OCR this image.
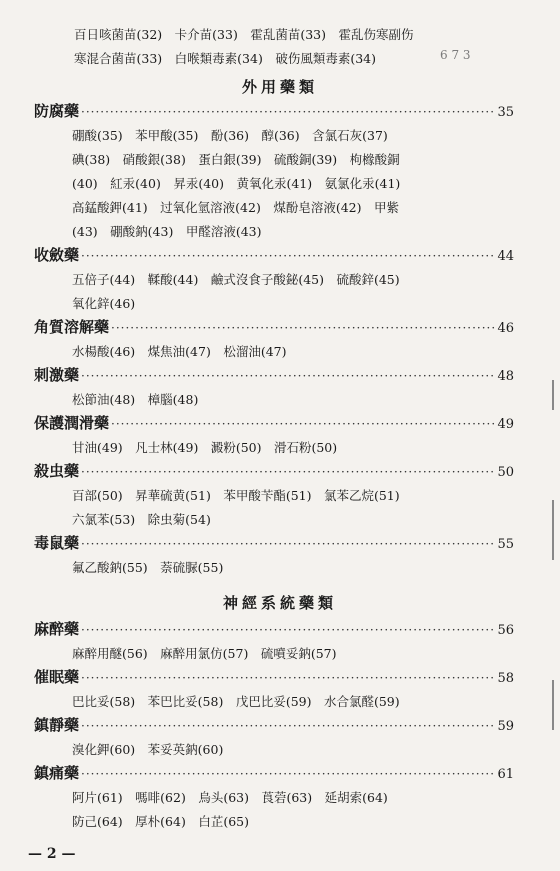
百日咳菌苗(32)　卡介苗(33)　霍乱菌苗(33)　霍乱伤寒副伤
寒混合菌苗(33)　白喉類毒素(34)　破伤風類毒素(34)	6 7 3
外用藥類
防腐藥 ·····	35
硼酸(35)　苯甲酸(35)　酚(36)　醇(36)　含氯石灰(37)
碘(38)　硝酸銀(38)　蛋白銀(39)　硫酸銅(39)　枸橼酸銅
(40)　紅汞(40)　昇汞(40)　黄氧化汞(41)　氨氯化汞(41)
高錳酸鉀(41)　过氧化氫溶液(42)　煤酚皂溶液(42)　甲紫
(43)　硼酸鈉(43)　甲醛溶液(43)
收斂藥 ·····	44
五倍子(44)　鞣酸(44)　鹼式沒食子酸鉍(45)　硫酸鋅(45)
氧化鋅(46)
角質溶解藥 ·····	46
水楊酸(46)　煤焦油(47)　松溜油(47)
刺激藥 ·····	48
松節油(48)　樟腦(48)
保護潤滑藥 ·····	49
甘油(49)　凡士林(49)　澱粉(50)　滑石粉(50)
殺虫藥 ·····	50
百部(50)　昇華硫黄(51)　苯甲酸苄酯(51)　氯苯乙烷(51)
六氯苯(53)　除虫菊(54)
毒鼠藥 ·····	55
氟乙酸鈉(55)　萘硫脲(55)
神經系統藥類
麻醉藥 ·····	56
麻醉用醚(56)　麻醉用氯仿(57)　硫噴妥鈉(57)
催眠藥 ·····	58
巴比妥(58)　苯巴比妥(58)　戊巴比妥(59)　水合氯醛(59)
鎮靜藥 ·····	59
溴化鉀(60)　苯妥英鈉(60)
鎮痛藥 ·····	61
阿片(61)　嗎啡(62)　烏头(63)　莨菪(63)　延胡索(64)
防己(64)　厚朴(64)　白芷(65)
— 2 —
